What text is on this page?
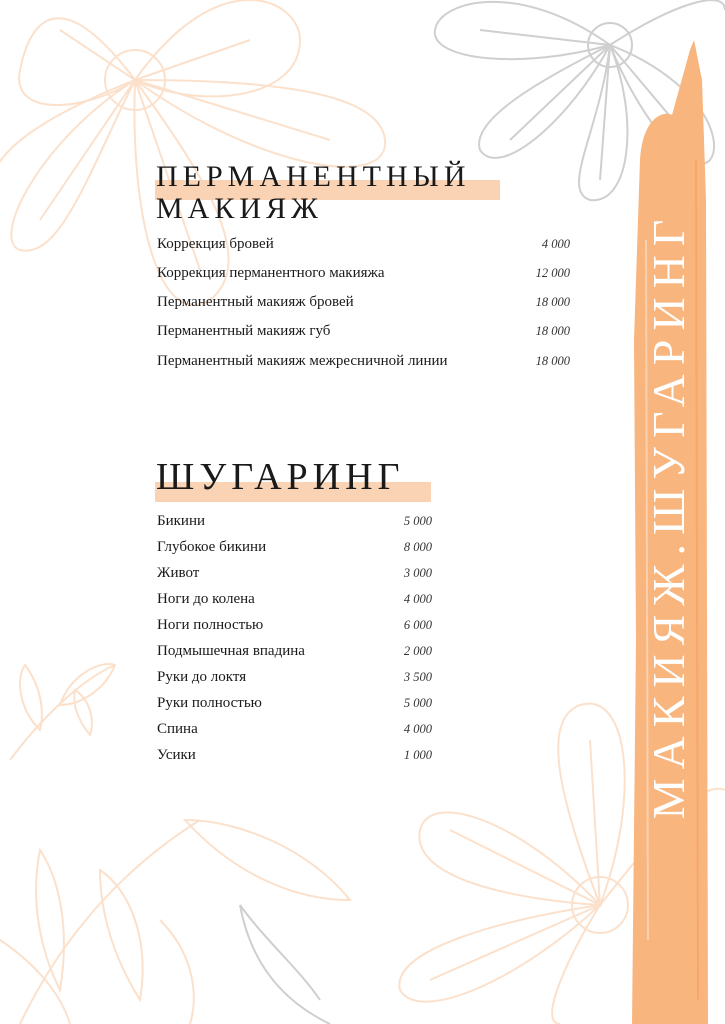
МАКИЯЖ.ШУГАРИНГ
ПЕРМАНЕНТНЫЙ
МАКИЯЖ
Коррекция бровей	4 000
Коррекция перманентного макияжа	12 000
Перманентный макияж бровей	18 000
Перманентный макияж губ	18 000
Перманентный макияж межресничной линии	18 000
ШУГАРИНГ
Бикини	5 000
Глубокое бикини	8 000
Живот	3 000
Ноги до колена	4 000
Ноги полностью	6 000
Подмышечная впадина	2 000
Руки до локтя	3 500
Руки полностью	5 000
Спина	4 000
Усики	1 000
